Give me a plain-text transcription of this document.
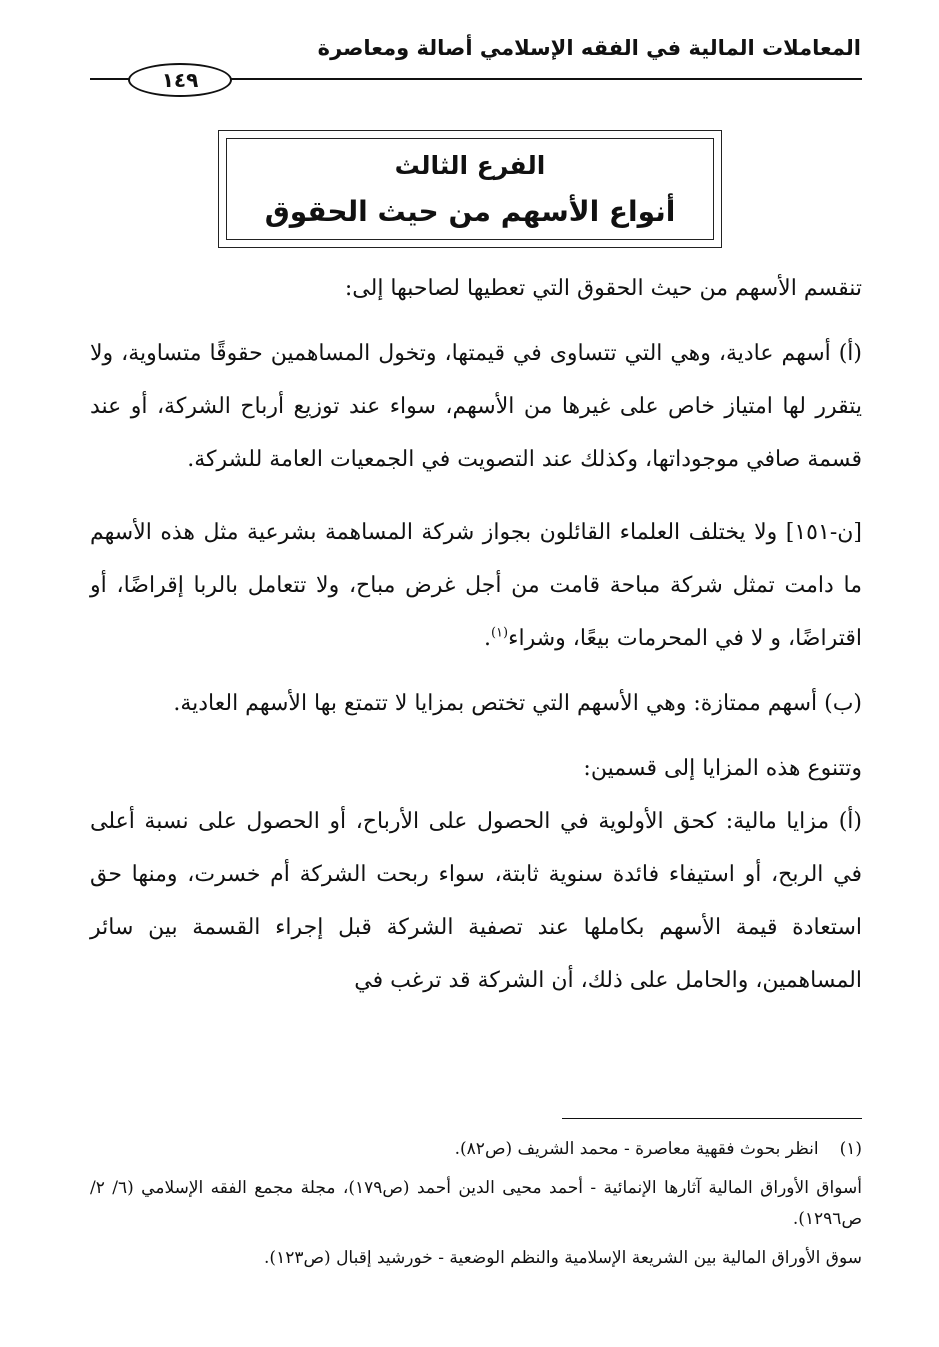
المعاملات المالية في الفقه الإسلامي أصالة ومعاصرة
١٤٩
الفرع الثالث
أنواع الأسهم من حيث الحقوق

تنقسم الأسهم من حيث الحقوق التي تعطيها لصاحبها إلى:

(أ) أسهم عادية، وهي التي تتساوى في قيمتها، وتخول المساهمين حقوقًا متساوية، ولا يتقرر لها امتياز خاص على غيرها من الأسهم، سواء عند توزيع أرباح الشركة، أو عند قسمة صافي موجوداتها، وكذلك عند التصويت في الجمعيات العامة للشركة.

[ن-١٥١] ولا يختلف العلماء القائلون بجواز شركة المساهمة بشرعية مثل هذه الأسهم ما دامت تمثل شركة مباحة قامت من أجل غرض مباح، ولا تتعامل بالربا إقراضًا، أو اقتراضًا، و لا في المحرمات بيعًا، وشراء$^{(١)}$.

(ب) أسهم ممتازة: وهي الأسهم التي تختص بمزايا لا تتمتع بها الأسهم العادية.

وتتنوع هذه المزايا إلى قسمين:

(أ) مزايا مالية: كحق الأولوية في الحصول على الأرباح، أو الحصول على نسبة أعلى في الربح، أو استيفاء فائدة سنوية ثابتة، سواء ربحت الشركة أم خسرت، ومنها حق استعادة قيمة الأسهم بكاملها عند تصفية الشركة قبل إجراء القسمة بين سائر المساهمين، والحامل على ذلك، أن الشركة قد ترغب في

(١) انظر بحوث فقهية معاصرة - محمد الشريف (ص٨٢).

أسواق الأوراق المالية آثارها الإنمائية - أحمد محيى الدين أحمد (ص١٧٩)، مجلة مجمع الفقه الإسلامي (٦/ ٢/ ص١٢٩٦).

سوق الأوراق المالية بين الشريعة الإسلامية والنظم الوضعية - خورشيد إقبال (ص١٢٣).
